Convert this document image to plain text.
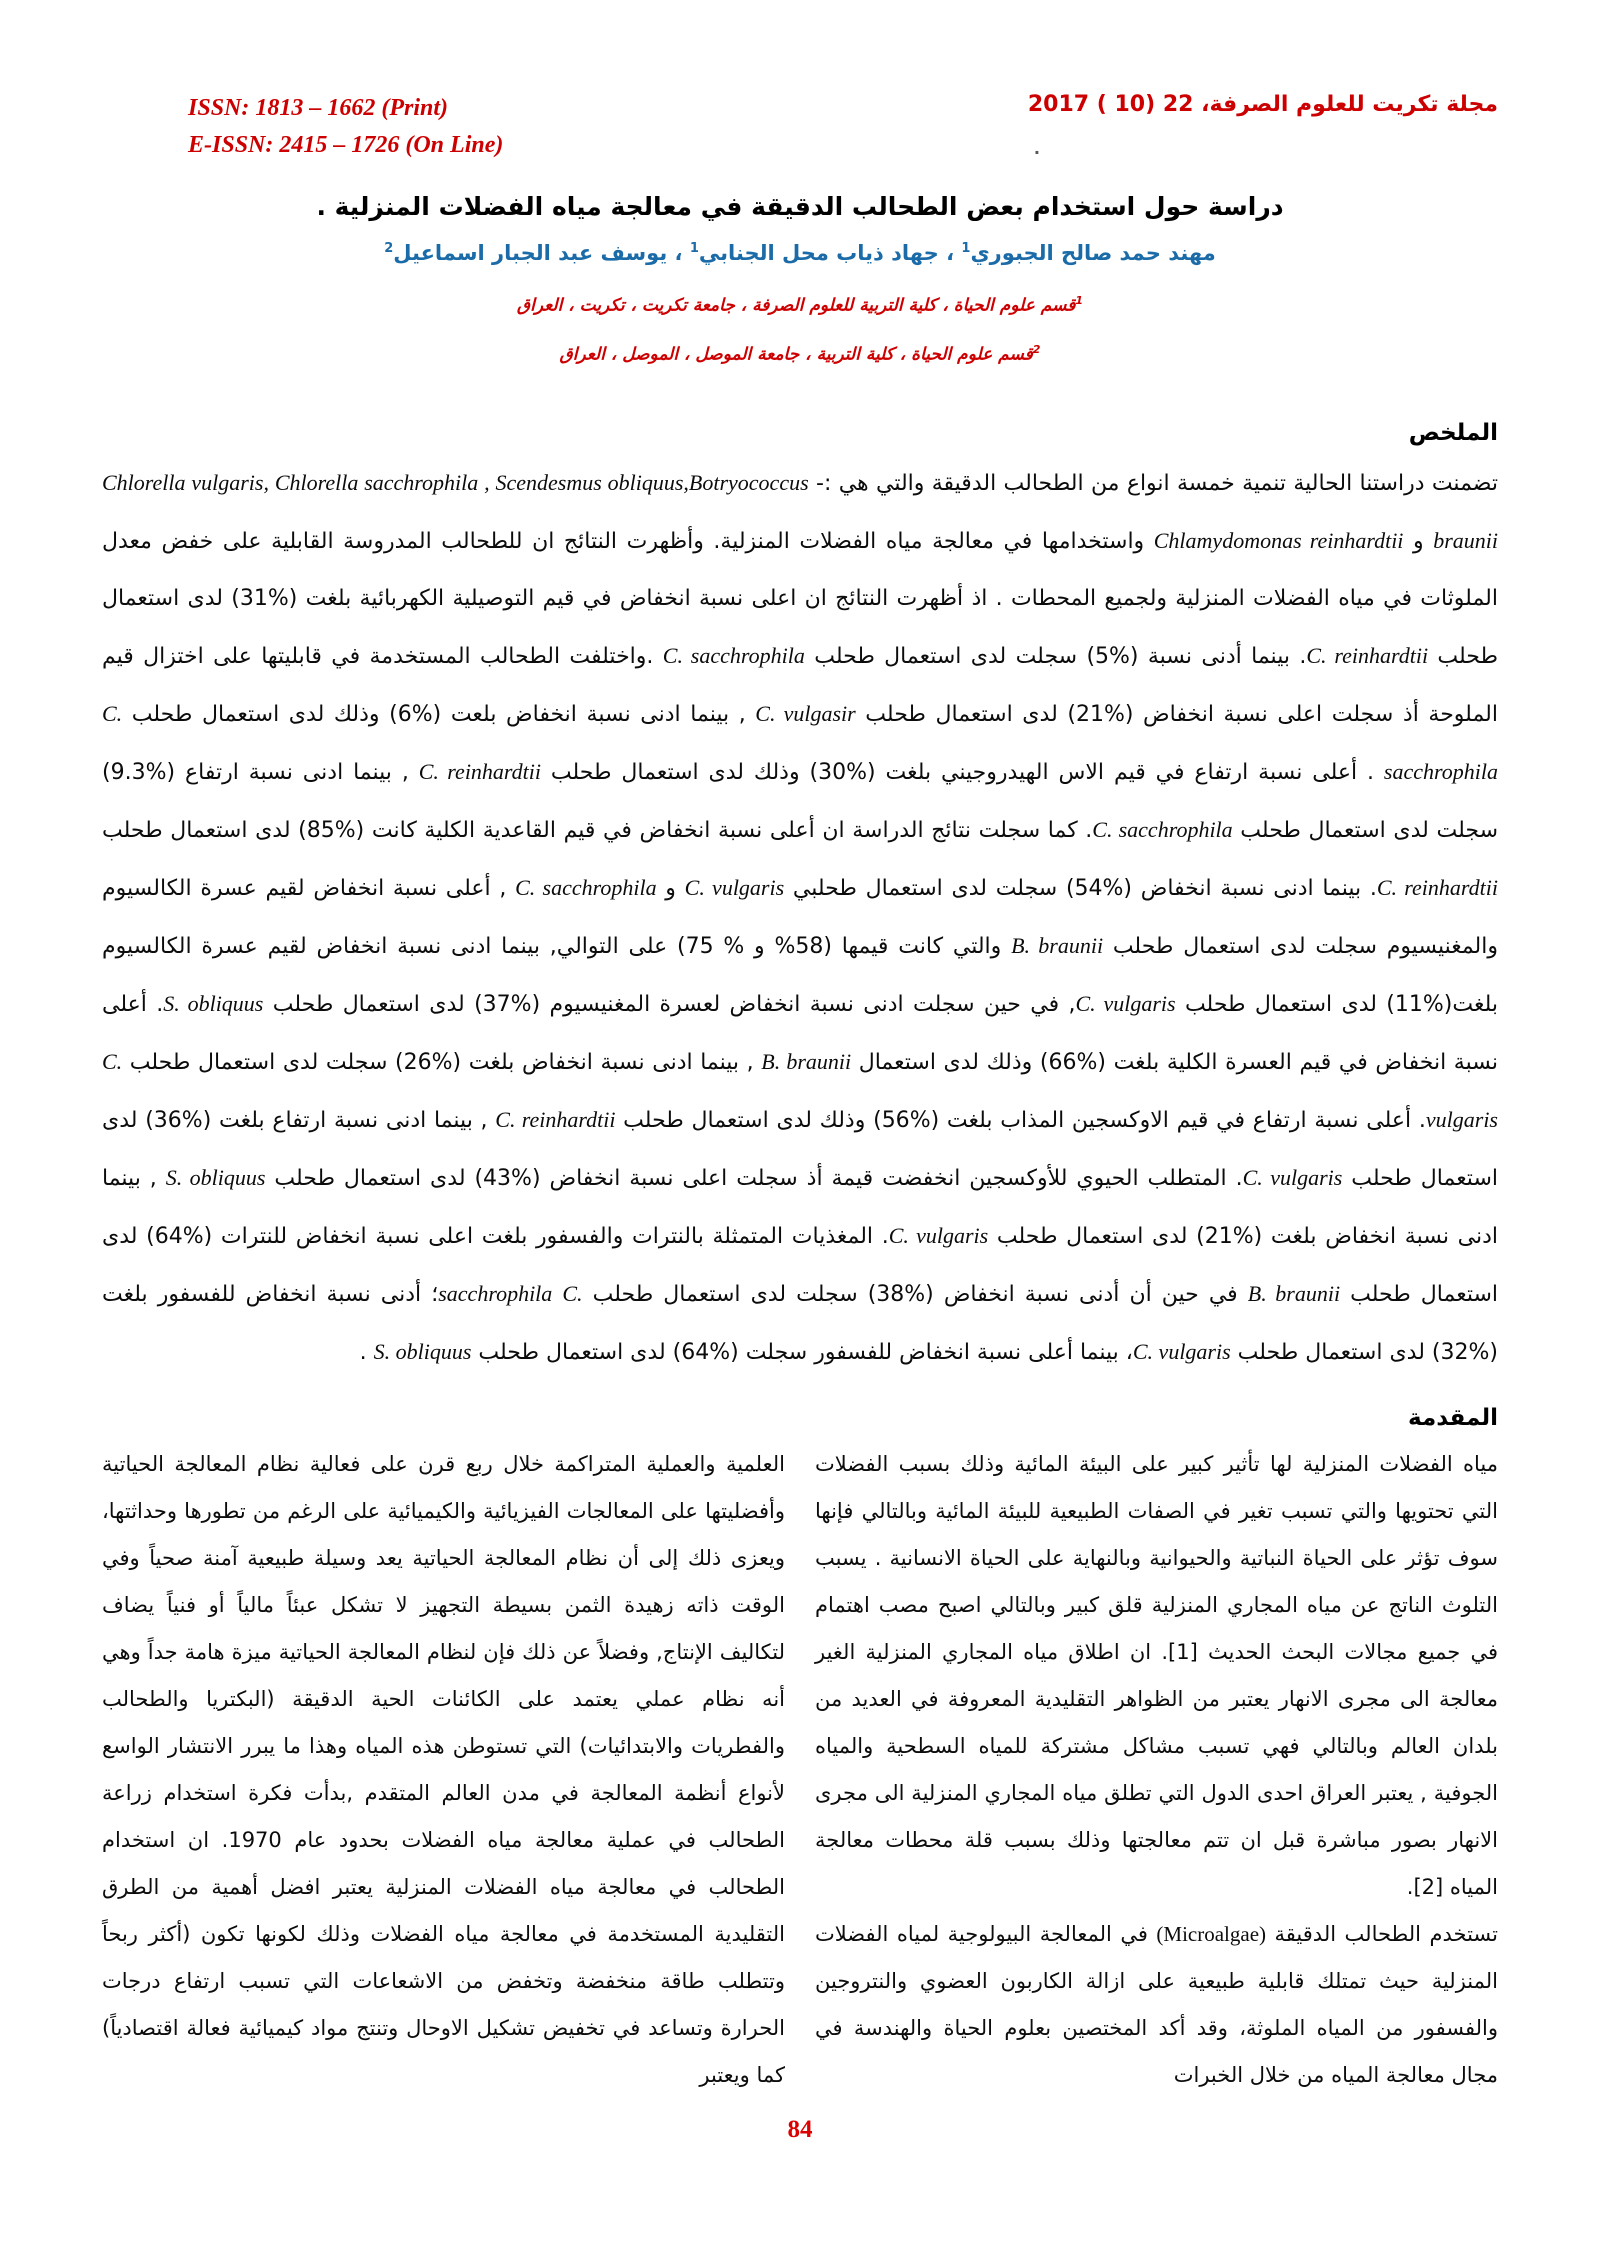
مجلة تكريت للعلوم الصرفة، 22 (10 ) 2017
.
ISSN: 1813 – 1662 (Print)
E-ISSN: 2415 – 1726 (On Line)
دراسة حول استخدام بعض الطحالب الدقيقة في معالجة مياه الفضلات المنزلية .
مهند حمد صالح الجبوري$^1$ ، جهاد ذياب محل الجنابي$^1$ ، يوسف عبد الجبار اسماعيل$^2$
$^1$قسم علوم الحياة ، كلية التربية للعلوم الصرفة ، جامعة تكريت ، تكريت ، العراق
$^2$قسم علوم الحياة ، كلية التربية ، جامعة الموصل ، الموصل ، العراق
الملخص
تضمنت دراستنا الحالية تنمية خمسة انواع من الطحالب الدقيقة والتي هي :- Chlorella vulgaris, Chlorella sacchrophila , Scendesmus obliquus,Botryococcus braunii و Chlamydomonas reinhardtii واستخدامها في معالجة مياه الفضلات المنزلية. وأظهرت النتائج ان للطحالب المدروسة القابلية على خفض معدل الملوثات في مياه الفضلات المنزلية ولجميع المحطات . اذ أظهرت النتائج ان اعلى نسبة انخفاض في قيم التوصيلية الكهربائية بلغت (%31) لدى استعمال طحلب C. reinhardtii. بينما أدنى نسبة (%5) سجلت لدى استعمال طحلب C. sacchrophila .واختلفت الطحالب المستخدمة في قابليتها على اختزال قيم الملوحة أذ سجلت اعلى نسبة انخفاض (%21) لدى استعمال طحلب C. vulgasir , بينما ادنى نسبة انخفاض بلعت (%6) وذلك لدى استعمال طحلب C. sacchrophila . أعلى نسبة ارتفاع في قيم الاس الهيدروجيني بلغت (%30) وذلك لدى استعمال طحلب C. reinhardtii , بينما ادنى نسبة ارتفاع (%9.3) سجلت لدى استعمال طحلب C. sacchrophila. كما سجلت نتائج الدراسة ان أعلى نسبة انخفاض في قيم القاعدية الكلية كانت (%85) لدى استعمال طحلب C. reinhardtii. بينما ادنى نسبة انخفاض (%54) سجلت لدى استعمال طحلبي C. vulgaris و C. sacchrophila , أعلى نسبة انخفاض لقيم عسرة الكالسيوم والمغنيسيوم سجلت لدى استعمال طحلب B. braunii والتي كانت قيمها (58% و % 75) على التوالي, بينما ادنى نسبة انخفاض لقيم عسرة الكالسيوم بلغت(%11) لدى استعمال طحلب C. vulgaris, في حين سجلت ادنى نسبة انخفاض لعسرة المغنيسيوم (%37) لدى استعمال طحلب S. obliquus. أعلى نسبة انخفاض في قيم العسرة الكلية بلغت (%66) وذلك لدى استعمال B. braunii , بينما ادنى نسبة انخفاض بلغت (%26) سجلت لدى استعمال طحلب C. vulgaris. أعلى نسبة ارتفاع في قيم الاوكسجين المذاب بلغت (%56) وذلك لدى استعمال طحلب C. reinhardtii , بينما ادنى نسبة ارتفاع بلغت (%36) لدى استعمال طحلب C. vulgaris. المتطلب الحيوي للأوكسجين انخفضت قيمة أذ سجلت اعلى نسبة انخفاض (%43) لدى استعمال طحلب S. obliquus , بينما ادنى نسبة انخفاض بلغت (%21) لدى استعمال طحلب C. vulgaris. المغذيات المتمثلة بالنترات والفسفور بلغت اعلى نسبة انخفاض للنترات (%64) لدى استعمال طحلب B. braunii في حين أن أدنى نسبة انخفاض (%38) سجلت لدى استعمال طحلب C. sacchrophila؛ أدنى نسبة انخفاض للفسفور بلغت (%32) لدى استعمال طحلب C. vulgaris، بينما أعلى نسبة انخفاض للفسفور سجلت (%64) لدى استعمال طحلب S. obliquus .
المقدمة

مياه الفضلات المنزلية لها تأثير كبير على البيئة المائية وذلك بسبب الفضلات التي تحتويها والتي تسبب تغير في الصفات الطبيعية للبيئة المائية وبالتالي فإنها سوف تؤثر على الحياة النباتية والحيوانية وبالنهاية على الحياة الانسانية . يسبب التلوث الناتج عن مياه المجاري المنزلية قلق كبير وبالتالي اصبح مصب اهتمام في جميع مجالات البحث الحديث [1]. ان اطلاق مياه المجاري المنزلية الغير معالجة الى مجرى الانهار يعتبر من الظواهر التقليدية المعروفة في العديد من بلدان العالم وبالتالي فهي تسبب مشاكل مشتركة للمياه السطحية والمياه الجوفية , يعتبر العراق احدى الدول التي تطلق مياه المجاري المنزلية الى مجرى الانهار بصور مباشرة قبل ان تتم معالجتها وذلك بسبب قلة محطات معالجة المياه [2].

تستخدم الطحالب الدقيقة (Microalgae) في المعالجة البيولوجية لمياه الفضلات المنزلية حيث تمتلك قابلية طبيعية على ازالة الكاربون العضوي والنتروجين والفسفور من المياه الملوثة، وقد أكد المختصين بعلوم الحياة والهندسة في مجال معالجة المياه من خلال الخبرات

العلمية والعملية المتراكمة خلال ربع قرن على فعالية نظام المعالجة الحياتية وأفضليتها على المعالجات الفيزيائية والكيميائية على الرغم من تطورها وحداثتها، ويعزى ذلك إلى أن نظام المعالجة الحياتية يعد وسيلة طبيعية آمنة صحياً وفي الوقت ذاته زهيدة الثمن بسيطة التجهيز لا تشكل عبئاً مالياً أو فنياً يضاف لتكاليف الإنتاج, وفضلاً عن ذلك فإن لنظام المعالجة الحياتية ميزة هامة جداً وهي أنه نظام عملي يعتمد على الكائنات الحية الدقيقة (البكتريا والطحالب والفطريات والابتدائيات) التي تستوطن هذه المياه وهذا ما يبرر الانتشار الواسع لأنواع أنظمة المعالجة في مدن العالم المتقدم ,بدأت فكرة استخدام زراعة الطحالب في عملية معالجة مياه الفضلات بحدود عام 1970. ان استخدام الطحالب في معالجة مياه الفضلات المنزلية يعتبر افضل أهمية من الطرق التقليدية المستخدمة في معالجة مياه الفضلات وذلك لكونها تكون (أكثر ربحاً وتتطلب طاقة منخفضة وتخفض من الاشعاعات التي تسبب ارتفاع درجات الحرارة وتساعد في تخفيض تشكيل الاوحال وتنتج مواد كيميائية فعالة اقتصادياً) كما ويعتبر

84
